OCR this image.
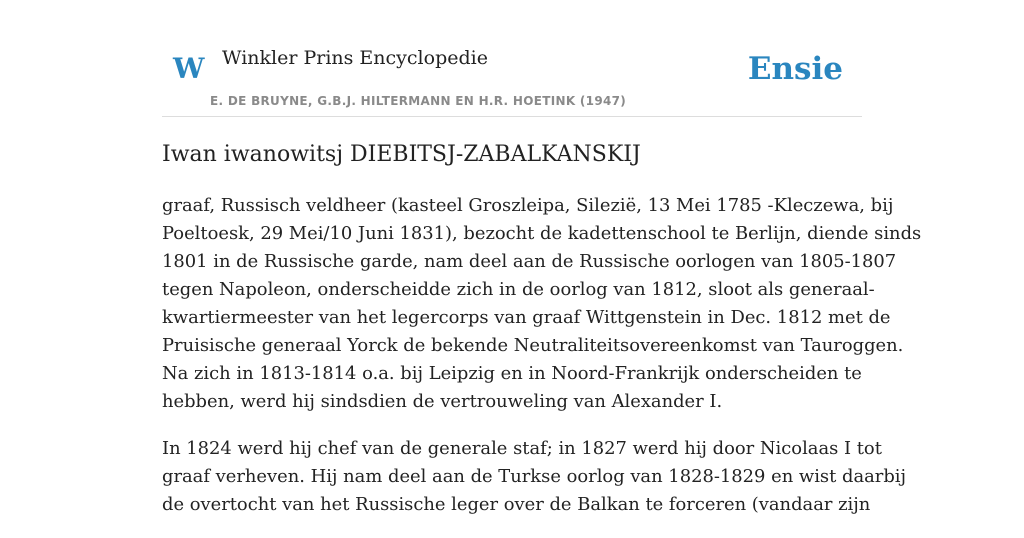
W Winkler Prins Encyclopedie	Ensie
E. DE BRUYNE, G.B.J. HILTERMANN EN H.R. HOETINK (1947)
Iwan iwanowitsj DIEBITSJ-ZABALKANSKIJ

graaf, Russisch veldheer (kasteel Groszleipa, Silezië, 13 Mei 1785 -Kleczewa, bij
Poeltoesk, 29 Mei/10 Juni 1831), bezocht de kadettenschool te Berlijn, diende sinds
1801 in de Russische garde, nam deel aan de Russische oorlogen van 1805-1807
tegen Napoleon, onderscheidde zich in de oorlog van 1812, sloot als generaal-
kwartiermeester van het legercorps van graaf Wittgenstein in Dec. 1812 met de
Pruisische generaal Yorck de bekende Neutraliteitsovereenkomst van Tauroggen.
Na zich in 1813-1814 o.a. bij Leipzig en in Noord-Frankrijk onderscheiden te
hebben, werd hij sindsdien de vertrouweling van Alexander I.

In 1824 werd hij chef van de generale staf; in 1827 werd hij door Nicolaas I tot
graaf verheven. Hij nam deel aan de Turkse oorlog van 1828-1829 en wist daarbij
de overtocht van het Russische leger over de Balkan te forceren (vandaar zijn
